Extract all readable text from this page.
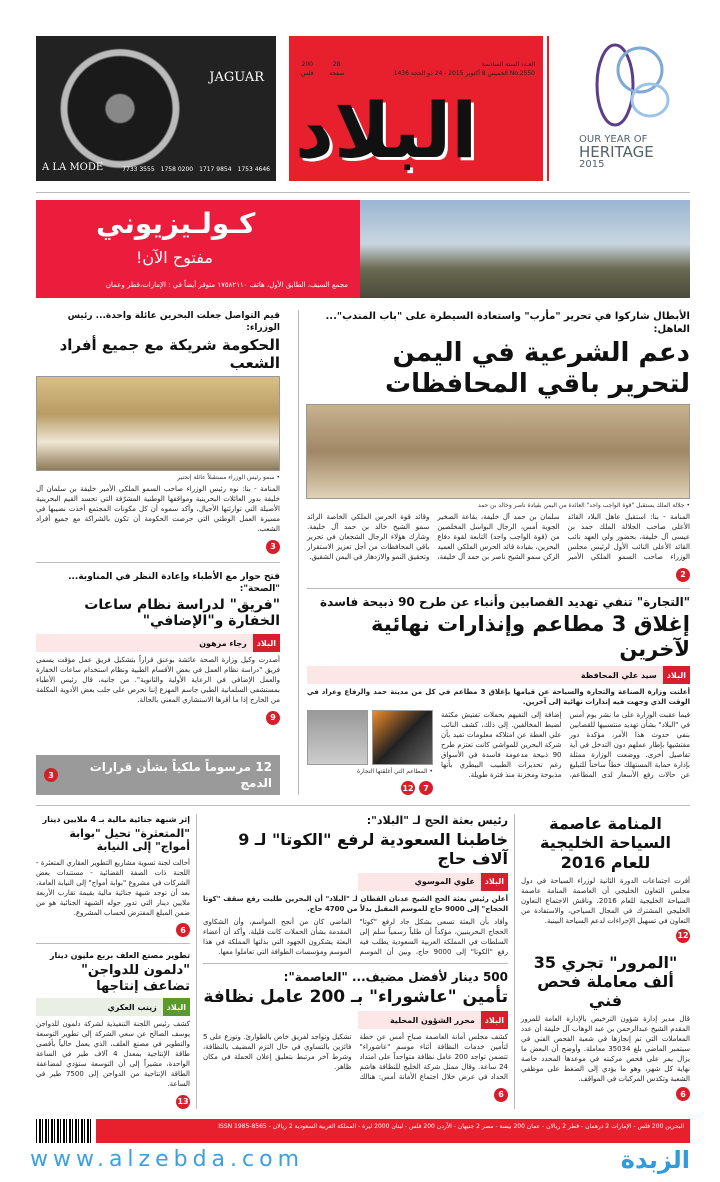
JAGUAR
A LA MODE	7733 3555 1758 0200 1717 9854 1753 4646
العـدد السنة السادسة
No.2550 الخميس 8 أكتوبر 2015 - 24 ذو الحجة 1436
28
صفحة
200
فلس
البلاد	OUR YEAR OF
HERITAGE
2015
كـولـيزيوني
!مفتوح الآن
مجمع السيف، الطابق الأول، هاتف ١٧٥٨٢١١٠ متوفر أيضاً في : الإمارات،قطر وعمان
الأبطال شاركوا في تحرير "مأرب" واستعادة السيطرة على "باب المندب"... العاهل:
دعم الشرعية في اليمن لتحرير باقي المحافظات
• جلالة الملك يستقبل "قوة الواجب واحد" العائدة من اليمن بقيادة ناصر وخالد بن حمد
المنامة - بنا: استقبل عاهل البلاد القائد الأعلى صاحب الجلالة الملك حمد بن عيسى آل خليفة، بحضور ولي العهد نائب القائد الأعلى النائب الأول لرئيس مجلس الوزراء صاحب السمو الملكي الأمير سلمان بن حمد آل خليفة، بقاعة الصخير الجوية أمس، الرجال البواسل المخلصين من (قوة الواجب واحد) التابعة لقوة دفاع البحرين، بقيادة قائد الحرس الملكي العميد الركن سمو الشيخ ناصر بن حمد آل خليفة، وقائد قوة الحرس الملكي الخاصة الرائد سمو الشيخ خالد بن حمد آل خليفة. وشارك هؤلاء الرجال الشجعان في تحرير باقي المحافظات من أجل تعزيز الاستقرار وتحقيق النمو والازدهار في اليمن الشقيق.
2
"التجارة" تنفي تهديد القصابين وأنباء عن طرح 90 ذبيحة فاسدة
إغلاق 3 مطاعم وإنذارات نهائية لآخرين
البلاد
سيد علي المحافظة
أعلنت وزارة الصناعة والتجارة والسياحة عن قيامها بإغلاق 3 مطاعم في كل من مدينة حمد والرفاع وعراد في الوقت الذي وجهت فيه إنذارات نهائية إلى آخرين.
فيما عقبت الوزارة على ما نشر يوم أمس في "البلاد" بشأن تهديد منتسبيها للقصابين بنفي حدوث هذا الأمر، مؤكدة دور مفتشيها بإطار عملهم دون التدخل في أية تفاصيل أخرى. ووضعت الوزارة ممثلة بإدارة حماية المستهلك خطاً ساخناً للتبليغ عن حالات رفع الأسعار لدى المطاعم، إضافة إلى التفيهم بحملات تفتيش مكثفة لضبط المخالفين. إلى ذلك، كشف النائب علي العطة عن امتلاكه معلومات تفيد بأن شركة البحرين للمواشي كانت تعتزم طرح 90 ذبيحة مدعومة فاسدة في الأسواق رغم تحذيرات الطبيب البيطري بأنها مذبوحة ومخزنة منذ فترة طويلة.
• المطاعم التي أغلقتها التجارة
7
12
قيم التواصل جعلت البحرين عائلة واحدة... رئيس الوزراء:
الحكومة شريكة مع جميع أفراد الشعب
• سمو رئيس الوزراء مستقبلاً عائلة إنجنير
المنامة - بنا: نوه رئيس الوزراء صاحب السمو الملكي الأمير خليفة بن سلمان آل خليفة بدور العائلات البحرينية ومواقفها الوطنية المشرّفة التي تجسد القيم البحرينية الأصيلة التي توارثتها الأجيال، وأكد سموه أن كل مكونات المجتمع أخذت نصيبها في مسيرة العمل الوطني التي حرصت الحكومة أن تكون بالشراكة مع جميع أفراد الشعب.
3
فتح حوار مع الأطباء وإعادة النظر في المناوبة... "الصحة":
"فريق" لدراسة نظام ساعات الخفارة و"الإضافي"
البلاد
رجاء مرهون
أصدرت وكيل وزارة الصحة عائشة بوعنق قراراً بتشكيل فريق عمل مؤقت يسمى فريق "دراسة نظام العمل في بعض الأقسام الطبية ونظام استخدام ساعات الخفارة والعمل الإضافي في الرعاية الأولية والثانوية". من جانبه، قال رئيس الأطباء بمستشفى السلمانية الطبي جاسم المهزع إننا نحرص على جلب بعض الأدوية المكلفة من الخارج إذا ما أقرها الاستشاري المعني بالحالة.
9
12 مرسوماً ملكياً بشأن قرارات الدمج
3
المنامة عاصمة السياحة الخليجية للعام 2016
أقرت اجتماعات الدورة الثانية لوزراء السياحة في دول مجلس التعاون الخليجي أن العاصمة المنامة عاصمة السياحة الخليجية للعام 2016، وناقش الاجتماع التعاون الخليجي المشترك في المجال السياحي، والاستفادة من التعاون في تسهيل الإجراءات لدعم السياحة البينية.
12
"المرور" تجري 35 ألف معاملة فحص فني
قال مدير إدارة شؤون الترخيص بالإدارة العامة للمرور المقدم الشيخ عبدالرحمن بن عبد الوهاب آل خليفة أن عدد المعاملات التي تم إنجازها في شعبة الفحص الفني في سبتمبر الماضي بلغ 35034 معاملة. وأوضح أن البعض ما يزال يمر على فحص مركبته في موعدها المحدد خاصة نهاية كل شهر، وهو ما يؤدي إلى الضغط على موظفي الشعبة وتكدس المركبات في المواقف.
6
رئيس بعثة الحج لـ "البلاد":
خاطبنا السعودية لرفع "الكوتا" لـ 9 آلاف حاج
البلاد
علوي الموسوي
أعلن رئيس بعثة الحج الشيخ عدنان القطان لـ "البلاد" أن البحرين طلبت رفع سقف "كوتا الحجاج" إلى 9000 حاج للموسم المقبل بدلاً من 4700 حاج.
وأفاد بأن البعثة تسعى بشكل جاد لرفع "كوتا" الحجاج البحرينيين، مؤكداً أن طلباً رسمياً سلم إلى السلطات في المملكة العربية السعودية يطلب فيه رفع "الكوتا" إلى 9000 حاج، وبين أن الموسم الماضي كان من أنجح المواسم، وأن الشكاوى المقدمة بشأن الحملات كانت قليلة. وأكد أن أعضاء البعثة يشكرون الجهود التي بذلتها المملكة في هذا الموسم ومؤسسات الطوافة التي تعاملوا معها.
500 دينار لأفضل مضيف... "العاصمة":
تأمين "عاشوراء" بـ 200 عامل نظافة
البلاد
محرر الشؤون المحلية
كشف مجلس أمانة العاصمة صباح أمس عن خطة لتأمين خدمات النظافة أثناء موسم "عاشوراء" تتضمن تواجد 200 عامل نظافة متواجداً على امتداد 24 ساعة. وقال ممثل شركة الخليج للنظافة هاشم الحداد في عرض خلال اجتماع الأمانة أمس: هنالك تشكيل وتواجد لفريق خاص بالطوارئ. وتوزع على 5 فائزين بالتساوي في حال التزم المضيف بالنظافة، وشرط آخر مرتبط بتعليق إعلان الحملة في مكان ظاهر.
6
إثر شبهة جنائية مالية بـ 4 ملايين دينار
"المتعثرة" تحيل "بوابة أمواج" إلى النيابة
أحالت لجنة تسوية مشاريع التطوير العقاري المتعثرة - اللجنة ذات الصفة القضائية - مستندات بعض الشركات في مشروع "بوابة أمواج" إلى النيابة العامة، بعد أن توجد شبهة جنائية مالية بقيمة تقارب الأربعة ملايين دينار التي تدور حوله الشبهة الجنائية هو من ضمن المبلغ المفترض لحساب المشروع.
6
تطوير مصنع العلف بربع مليون دينار
"دلمون للدواجن" تضاعف إنتاجها
البلاد
زينب العكري
كشف رئيس اللجنة التنفيذية لشركة دلمون للدواجن يوسف الصالح عن سعي الشركة إلى تطوير التوسعة والتطوير في مصنع العلف، الذي يعمل حالياً بأقصى طاقة الإنتاجية بمعدل 4 آلاف طير في الساعة الواحدة، مشيراً إلى أن التوسعة ستؤدي لمضاعفة الطاقة الإنتاجية من الدواجن إلى 7500 طير في الساعة.
13
البحرين 200 فلس - الإمارات 2 درهمان - قطر 2 ريالان - عمان 200 بيسة - مصر 2 جنيهان - الأردن 200 فلس - لبنان 2000 ليرة - المملكة العربية السعودية 2 ريالان - ISSN 1985-8565
www.alzebda.com	الزبدة
